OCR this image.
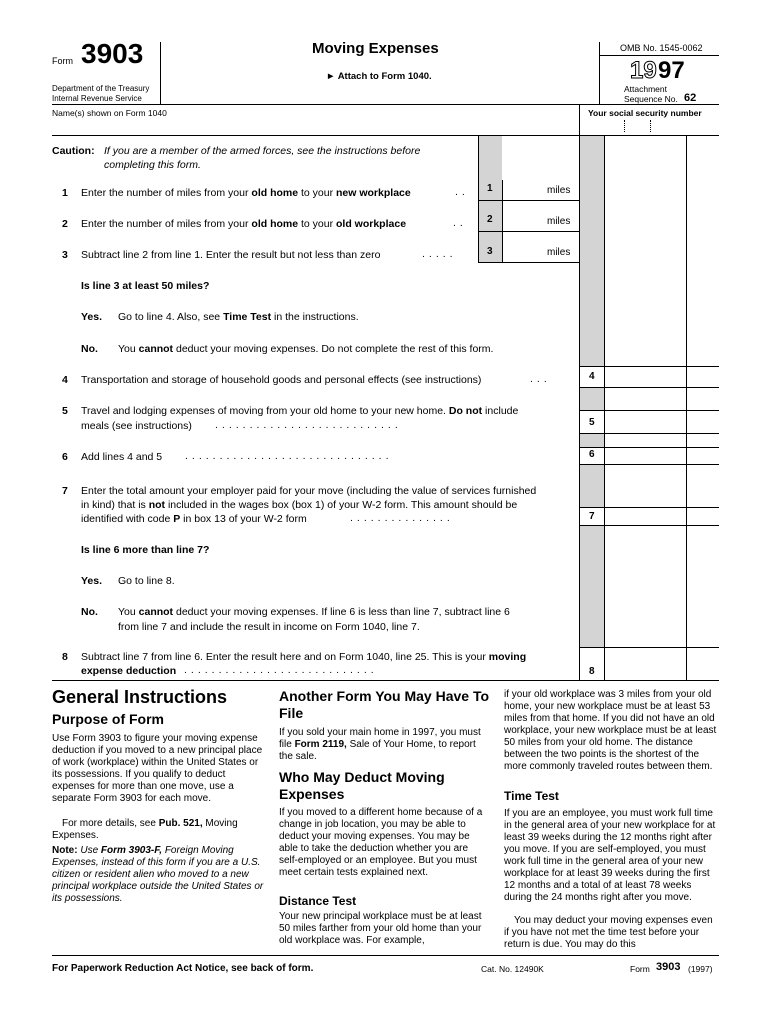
Form 3903
Department of the Treasury
Internal Revenue Service
Moving Expenses
► Attach to Form 1040.
OMB No. 1545-0062
19 97
Attachment
Sequence No. 62
Name(s) shown on Form 1040	Your social security number
Caution: If you are a member of the armed forces, see the instructions before
completing this form.
1 Enter the number of miles from your old home to your new workplace	.. 1	miles
2 Enter the number of miles from your old home to your old workplace	.. 2	miles
3 Subtract line 2 from line 1. Enter the result but not less than zero	.....	3	miles
Is line 3 at least 50 miles?
Yes. Go to line 4. Also, see Time Test in the instructions.
No. You cannot deduct your moving expenses. Do not complete the rest of this form.
4 Transportation and storage of household goods and personal effects (see instructions)	...	4
5 Travel and lodging expenses of moving from your old home to your new home. Do not include
meals (see instructions) ...........................	5
6 Add lines 4 and 5 ..............................	6
7 Enter the total amount your employer paid for your move (including the value of services furnished
in kind) that is not included in the wages box (box 1) of your W-2 form. This amount should be
identified with code P in box 13 of your W-2 form	...............	7
Is line 6 more than line 7?
Yes. Go to line 8.
No. You cannot deduct your moving expenses. If line 6 is less than line 7, subtract line 6
from line 7 and include the result in income on Form 1040, line 7.
8 Subtract line 7 from line 6. Enter the result here and on Form 1040, line 25. This is your moving
expense deduction ............................	8
General Instructions
Purpose of Form
Use Form 3903 to figure your moving expense deduction if you moved to a new principal place of work (workplace) within the United States or its possessions. If you qualify to deduct expenses for more than one move, use a separate Form 3903 for each move.
For more details, see Pub. 521, Moving Expenses.
Note: Use Form 3903-F, Foreign Moving Expenses, instead of this form if you are a U.S. citizen or resident alien who moved to a new principal workplace outside the United States or its possessions.
Another Form You May Have To File
If you sold your main home in 1997, you must file Form 2119, Sale of Your Home, to report the sale.
Who May Deduct Moving Expenses
If you moved to a different home because of a change in job location, you may be able to deduct your moving expenses. You may be able to take the deduction whether you are self-employed or an employee. But you must meet certain tests explained next.
Distance Test
Your new principal workplace must be at least 50 miles farther from your old home than your old workplace was. For example,
if your old workplace was 3 miles from your old home, your new workplace must be at least 53 miles from that home. If you did not have an old workplace, your new workplace must be at least 50 miles from your old home. The distance between the two points is the shortest of the more commonly traveled routes between them.
Time Test
If you are an employee, you must work full time in the general area of your new workplace for at least 39 weeks during the 12 months right after you move. If you are self-employed, you must work full time in the general area of your new workplace for at least 39 weeks during the first 12 months and a total of at least 78 weeks during the 24 months right after you move.
You may deduct your moving expenses even if you have not met the time test before your return is due. You may do this
For Paperwork Reduction Act Notice, see back of form.	Cat. No. 12490K	Form 3903 (1997)
